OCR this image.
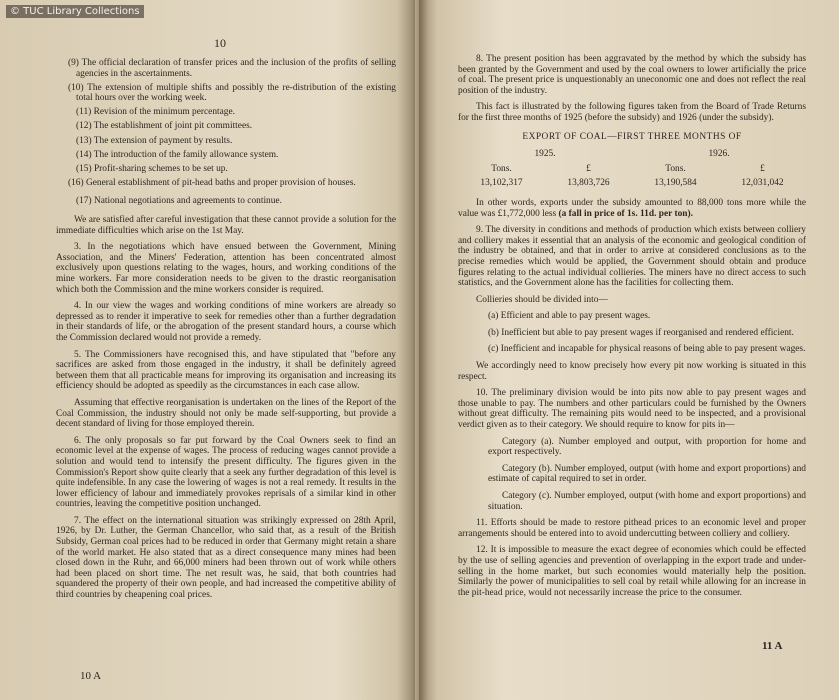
© TUC Library Collections
10

(9) The official declaration of transfer prices and the inclusion of the profits of selling agencies in the ascertainments.

(10) The extension of multiple shifts and possibly the re-distribution of the existing total hours over the working week.

(11) Revision of the minimum percentage.

(12) The establishment of joint pit committees.

(13) The extension of payment by results.

(14) The introduction of the family allowance system.

(15) Profit-sharing schemes to be set up.

(16) General establishment of pit-head baths and proper provision of houses.

(17) National negotiations and agreements to continue.

We are satisfied after careful investigation that these cannot provide a solution for the immediate difficulties which arise on the 1st May.

3. In the negotiations which have ensued between the Government, Mining Association, and the Miners' Federation, attention has been concentrated almost exclusively upon questions relating to the wages, hours, and working conditions of the mine workers. Far more consideration needs to be given to the drastic reorganisation which both the Commission and the mine workers consider is required.

4. In our view the wages and working conditions of mine workers are already so depressed as to render it imperative to seek for remedies other than a further degradation in their standards of life, or the abrogation of the present standard hours, a course which the Commission declared would not provide a remedy.

5. The Commissioners have recognised this, and have stipulated that "before any sacrifices are asked from those engaged in the industry, it shall be definitely agreed between them that all practicable means for improving its organisation and increasing its efficiency should be adopted as speedily as the circumstances in each case allow.

Assuming that effective reorganisation is undertaken on the lines of the Report of the Coal Commission, the industry should not only be made self-supporting, but provide a decent standard of living for those employed therein.

6. The only proposals so far put forward by the Coal Owners seek to find an economic level at the expense of wages. The process of reducing wages cannot provide a solution and would tend to intensify the present difficulty. The figures given in the Commission's Report show quite clearly that a seek any further degradation of this level is quite indefensible. In any case the lowering of wages is not a real remedy. It results in the lower efficiency of labour and immediately provokes reprisals of a similar kind in other countries, leaving the competitive position unchanged.

7. The effect on the international situation was strikingly expressed on 28th April, 1926, by Dr. Luther, the German Chancellor, who said that, as a result of the British Subsidy, German coal prices had to be reduced in order that Germany might retain a share of the world market. He also stated that as a direct consequence many mines had been closed down in the Ruhr, and 66,000 miners had been thrown out of work while others had been placed on short time. The net result was, he said, that both countries had squandered the property of their own people, and had increased the competitive ability of third countries by cheapening coal prices.

10 A

8. The present position has been aggravated by the method by which the subsidy has been granted by the Government and used by the coal owners to lower artificially the price of coal. The present price is unquestionably an uneconomic one and does not reflect the real position of the industry.

This fact is illustrated by the following figures taken from the Board of Trade Returns for the first three months of 1925 (before the subsidy) and 1926 (under the subsidy).

EXPORT OF COAL—FIRST THREE MONTHS OF
1925.		1926.	
Tons.	£	Tons.	£
13,102,317	13,803,726	13,190,584	12,031,042

In other words, exports under the subsidy amounted to 88,000 tons more while the value was £1,772,000 less (a fall in price of 1s. 11d. per ton).

9. The diversity in conditions and methods of production which exists between colliery and colliery makes it essential that an analysis of the economic and geological condition of the industry be obtained, and that in order to arrive at considered conclusions as to the precise remedies which would be applied, the Government should obtain and produce figures relating to the actual individual collieries. The miners have no direct access to such statistics, and the Government alone has the facilities for collecting them.

Collieries should be divided into—

(a) Efficient and able to pay present wages.

(b) Inefficient but able to pay present wages if reorganised and rendered efficient.

(c) Inefficient and incapable for physical reasons of being able to pay present wages.

We accordingly need to know precisely how every pit now working is situated in this respect.

10. The preliminary division would be into pits now able to pay present wages and those unable to pay. The numbers and other particulars could be furnished by the Owners without great difficulty. The remaining pits would need to be inspected, and a provisional verdict given as to their category. We should require to know for pits in—

Category (a). Number employed and output, with proportion for home and export respectively.

Category (b). Number employed, output (with home and export proportions) and estimate of capital required to set in order.

Category (c). Number employed, output (with home and export proportions) and situation.

11. Efforts should be made to restore pithead prices to an economic level and proper arrangements should be entered into to avoid undercutting between colliery and colliery.

12. It is impossible to measure the exact degree of economies which could be effected by the use of selling agencies and prevention of overlapping in the export trade and under-selling in the home market, but such economies would materially help the position. Similarly the power of municipalities to sell coal by retail while allowing for an increase in the pit-head price, would not necessarily increase the price to the consumer.

11 A
